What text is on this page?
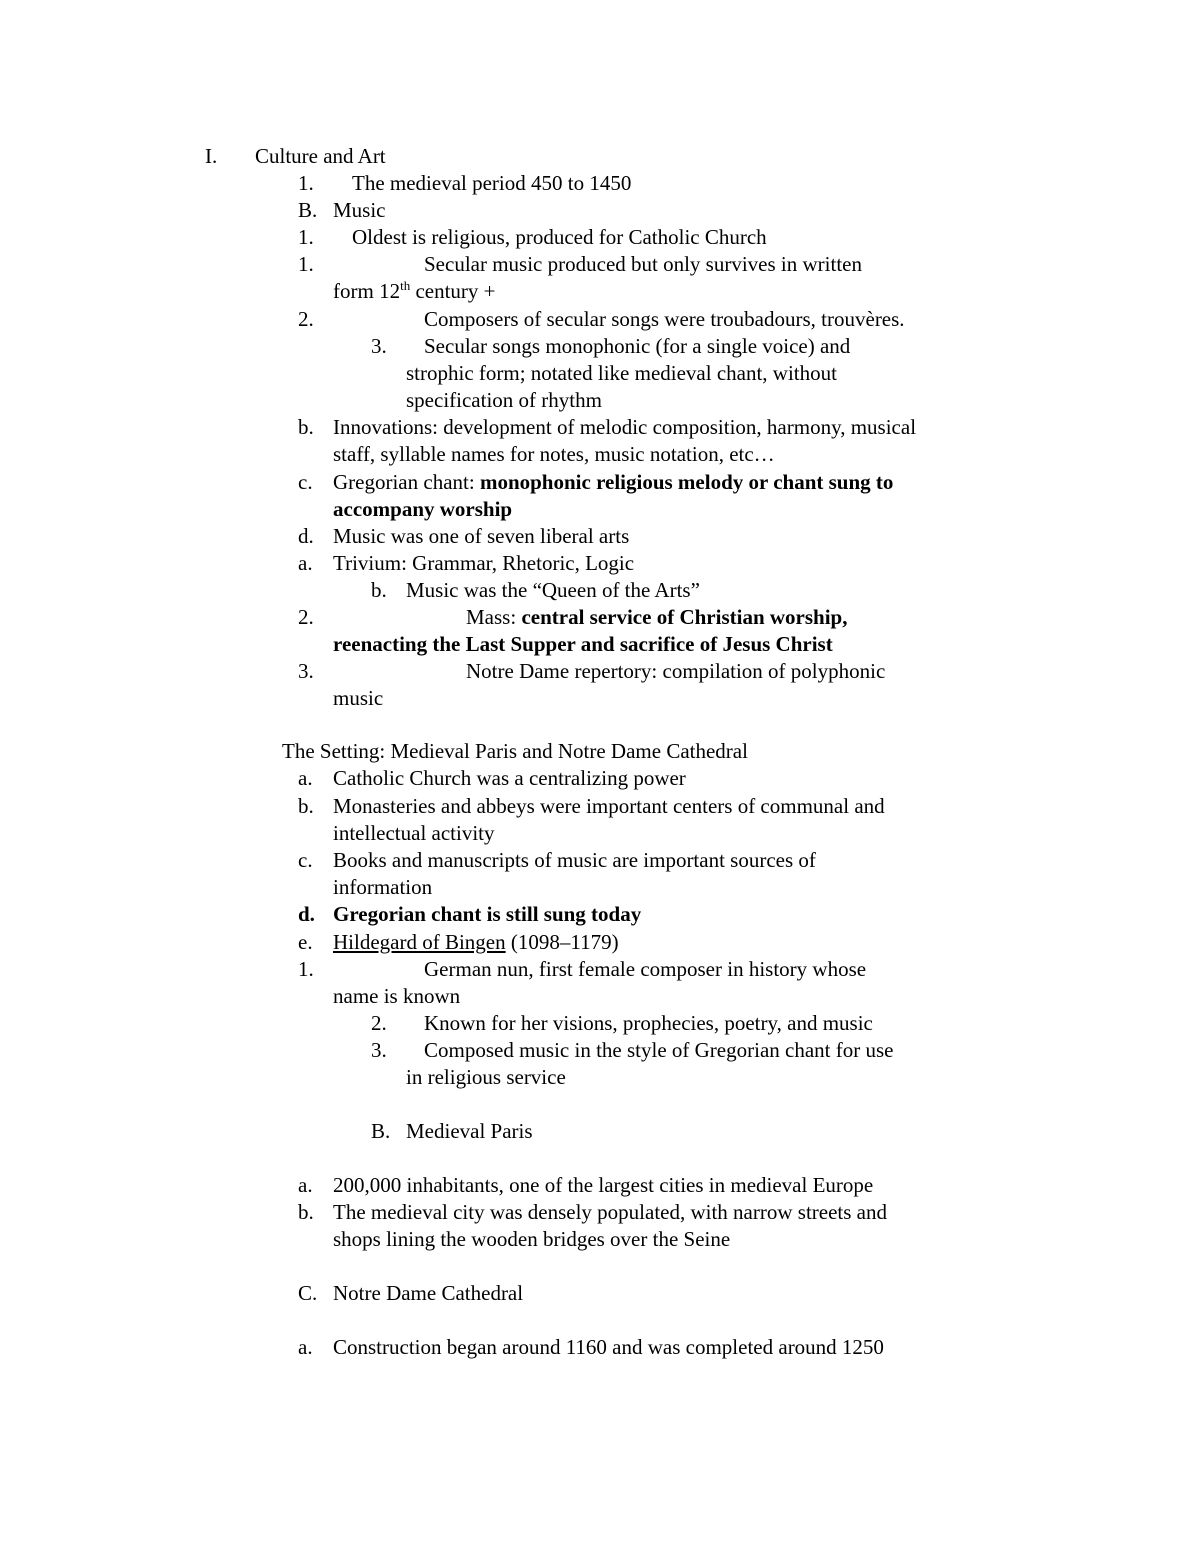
I. Culture and Art
1. The medieval period 450 to 1450
B. Music
1. Oldest is religious, produced for Catholic Church
1.	Secular music produced but only survives in written
form 12th century +
2.	Composers of secular songs were troubadours, trouvères.
3. Secular songs monophonic (for a single voice) and
strophic form; notated like medieval chant, without
specification of rhythm
b. Innovations: development of melodic composition, harmony, musical
staff, syllable names for notes, music notation, etc…
c. Gregorian chant: monophonic religious melody or chant sung to
accompany worship
d. Music was one of seven liberal arts
a. Trivium: Grammar, Rhetoric, Logic
b. Music was the “Queen of the Arts”
2.	Mass: central service of Christian worship,
reenacting the Last Supper and sacrifice of Jesus Christ
3.	Notre Dame repertory: compilation of polyphonic
music
The Setting: Medieval Paris and Notre Dame Cathedral
a. Catholic Church was a centralizing power
b. Monasteries and abbeys were important centers of communal and
intellectual activity
c. Books and manuscripts of music are important sources of
information
d. Gregorian chant is still sung today
e. Hildegard of Bingen (1098–1179)
1.	German nun, first female composer in history whose
name is known
2. Known for her visions, prophecies, poetry, and music
3. Composed music in the style of Gregorian chant for use
in religious service
B. Medieval Paris
a. 200,000 inhabitants, one of the largest cities in medieval Europe
b. The medieval city was densely populated, with narrow streets and
shops lining the wooden bridges over the Seine
C. Notre Dame Cathedral
a. Construction began around 1160 and was completed around 1250
